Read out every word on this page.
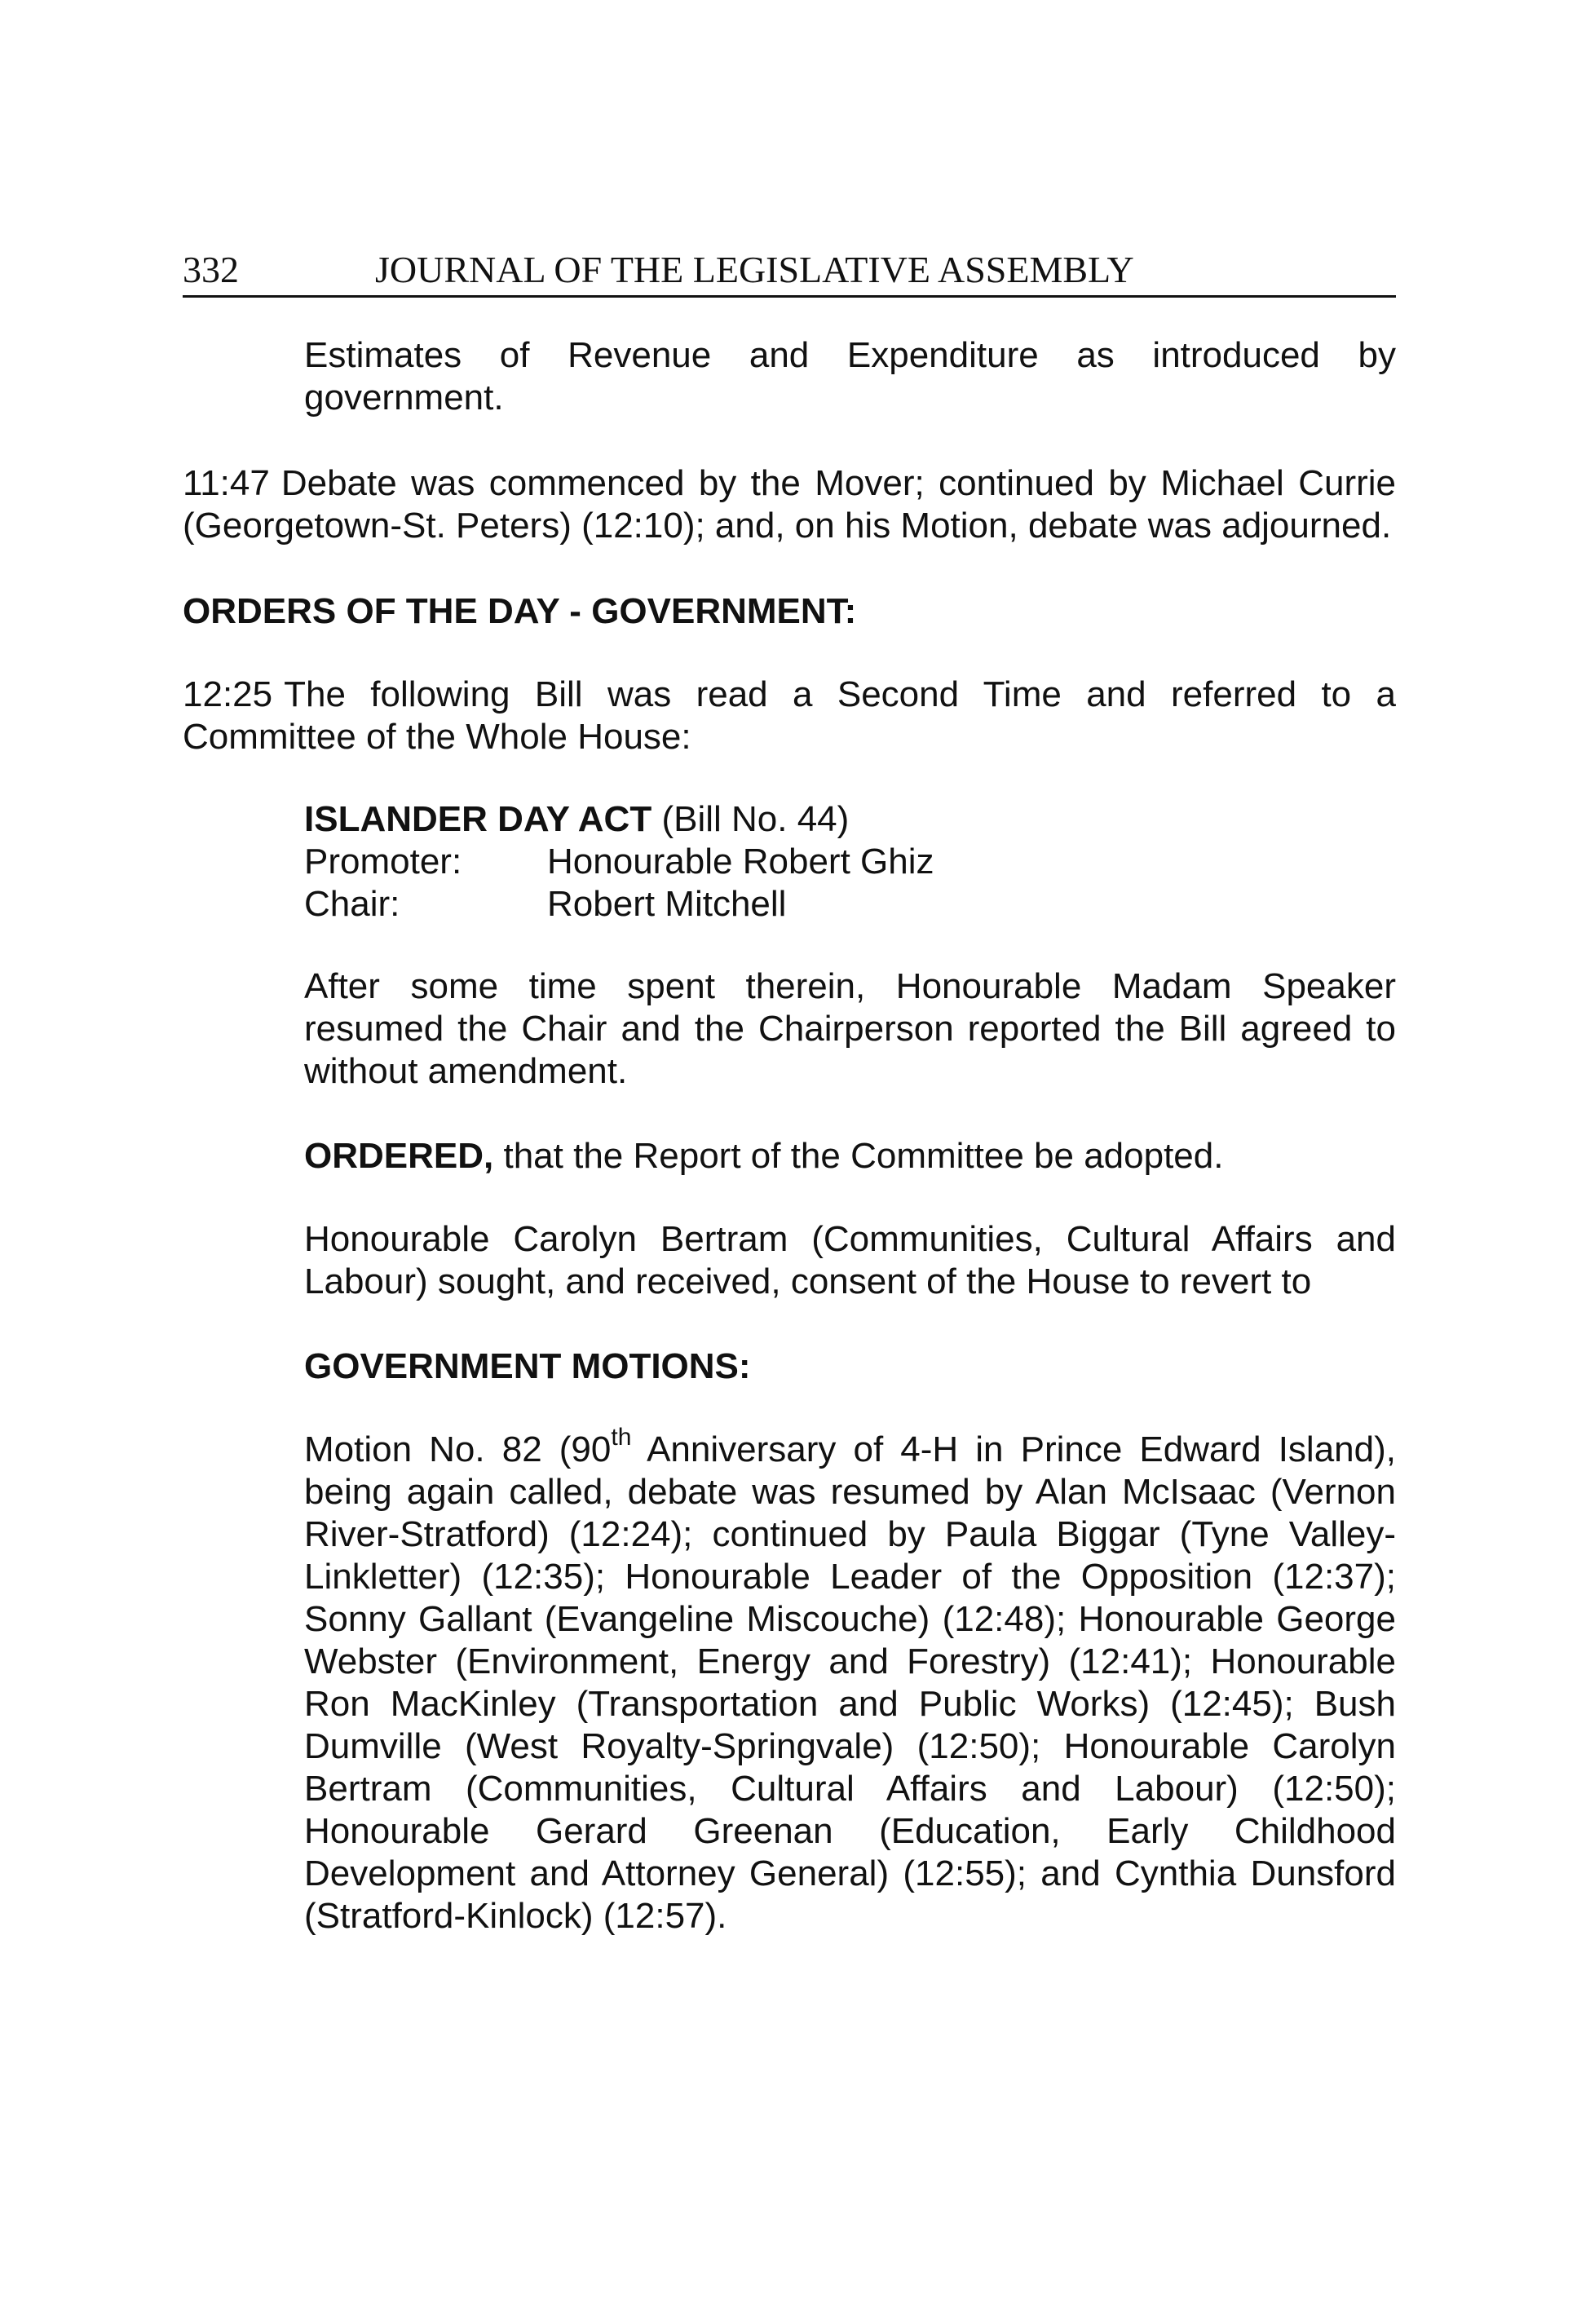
332	JOURNAL OF THE LEGISLATIVE ASSEMBLY

Estimates of Revenue and Expenditure as introduced by government.

11:47 Debate was commenced by the Mover; continued by Michael Currie (Georgetown-St. Peters) (12:10); and, on his Motion, debate was adjourned.

ORDERS OF THE DAY - GOVERNMENT:

12:25 The following Bill was read a Second Time and referred to a Committee of the Whole House:

ISLANDER DAY ACT (Bill No. 44)
Promoter: Honourable Robert Ghiz
Chair:	Robert Mitchell

After some time spent therein, Honourable Madam Speaker resumed the Chair and the Chairperson reported the Bill agreed to without amendment.

ORDERED, that the Report of the Committee be adopted.

Honourable Carolyn Bertram (Communities, Cultural Affairs and Labour) sought, and received, consent of the House to revert to

GOVERNMENT MOTIONS:

Motion No. 82 (90th Anniversary of 4-H in Prince Edward Island), being again called, debate was resumed by Alan McIsaac (Vernon River-Stratford) (12:24); continued by Paula Biggar (Tyne Valley-Linkletter) (12:35); Honourable Leader of the Opposition (12:37); Sonny Gallant (Evangeline Miscouche) (12:48); Honourable George Webster (Environment, Energy and Forestry) (12:41); Honourable Ron MacKinley (Transportation and Public Works) (12:45); Bush Dumville (West Royalty-Springvale) (12:50); Honourable Carolyn Bertram (Communities, Cultural Affairs and Labour) (12:50); Honourable Gerard Greenan (Education, Early Childhood Development and Attorney General) (12:55); and Cynthia Dunsford (Stratford-Kinlock) (12:57).
